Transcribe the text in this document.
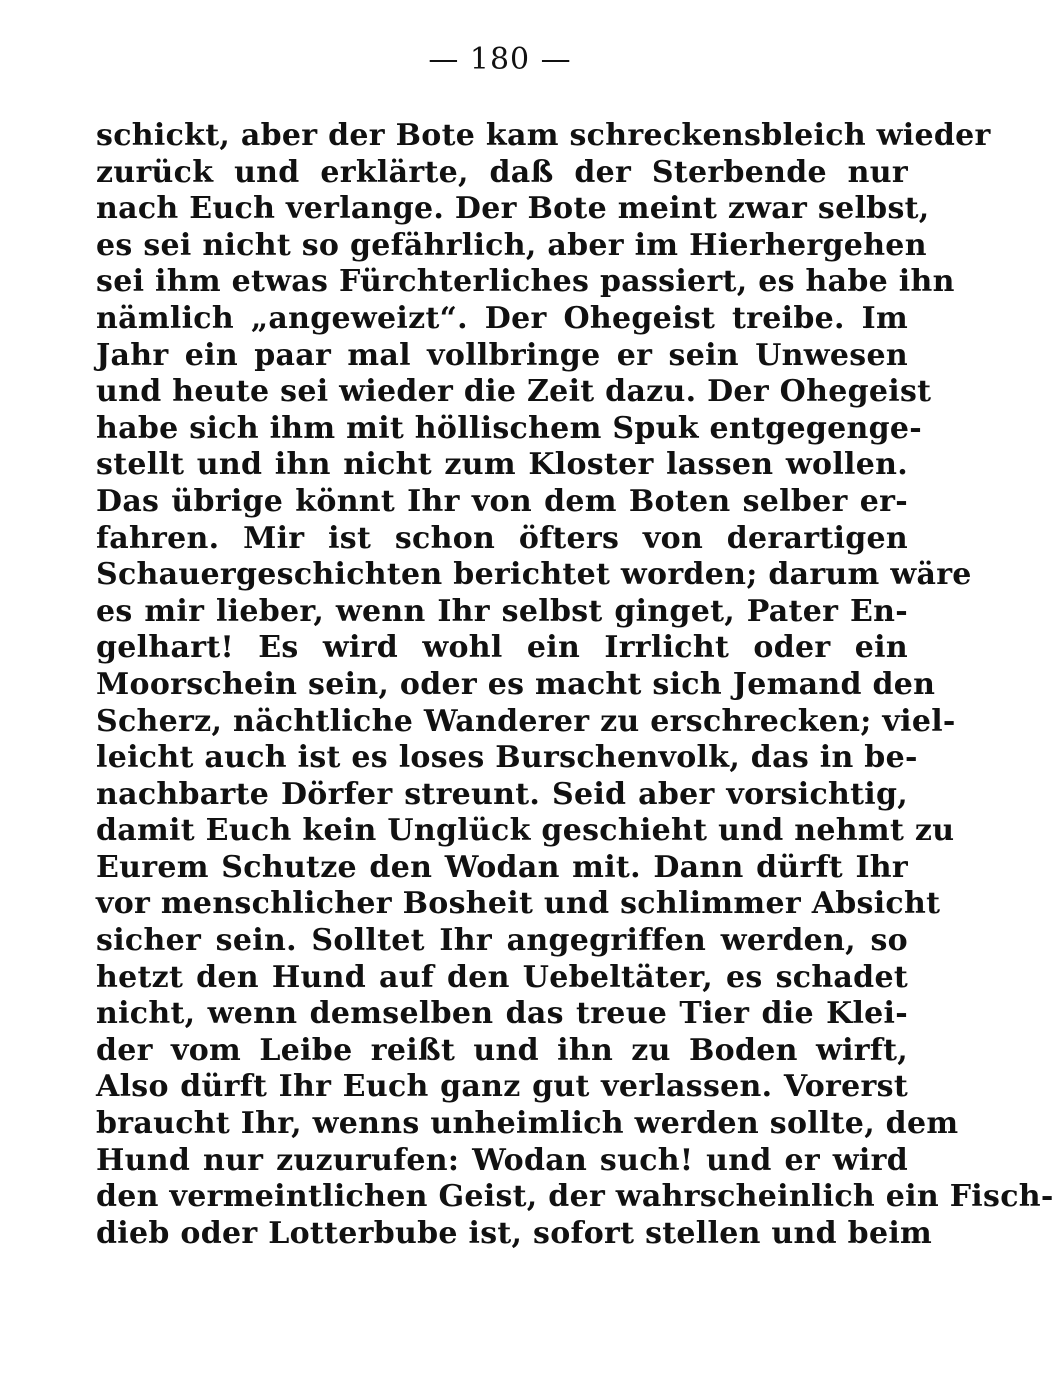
— 180 —
schickt, aber der Bote kam schreckensbleich wieder
zurück und erklärte, daß der Sterbende nur
nach Euch verlange. Der Bote meint zwar selbst,
es sei nicht so gefährlich, aber im Hierhergehen
sei ihm etwas Fürchterliches passiert, es habe ihn
nämlich „angeweizt“. Der Ohegeist treibe. Im
Jahr ein paar mal vollbringe er sein Unwesen
und heute sei wieder die Zeit dazu. Der Ohegeist
habe sich ihm mit höllischem Spuk entgegenge-
stellt und ihn nicht zum Kloster lassen wollen.
Das übrige könnt Ihr von dem Boten selber er-
fahren. Mir ist schon öfters von derartigen
Schauergeschichten berichtet worden; darum wäre
es mir lieber, wenn Ihr selbst ginget, Pater En-
gelhart! Es wird wohl ein Irrlicht oder ein
Moorschein sein, oder es macht sich Jemand den
Scherz, nächtliche Wanderer zu erschrecken; viel-
leicht auch ist es loses Burschenvolk, das in be-
nachbarte Dörfer streunt. Seid aber vorsichtig,
damit Euch kein Unglück geschieht und nehmt zu
Eurem Schutze den Wodan mit. Dann dürft Ihr
vor menschlicher Bosheit und schlimmer Absicht
sicher sein. Solltet Ihr angegriffen werden, so
hetzt den Hund auf den Uebeltäter, es schadet
nicht, wenn demselben das treue Tier die Klei-
der vom Leibe reißt und ihn zu Boden wirft,
Also dürft Ihr Euch ganz gut verlassen. Vorerst
braucht Ihr, wenns unheimlich werden sollte, dem
Hund nur zuzurufen: Wodan such! und er wird
den vermeintlichen Geist, der wahrscheinlich ein Fisch-
dieb oder Lotterbube ist, sofort stellen und beim
